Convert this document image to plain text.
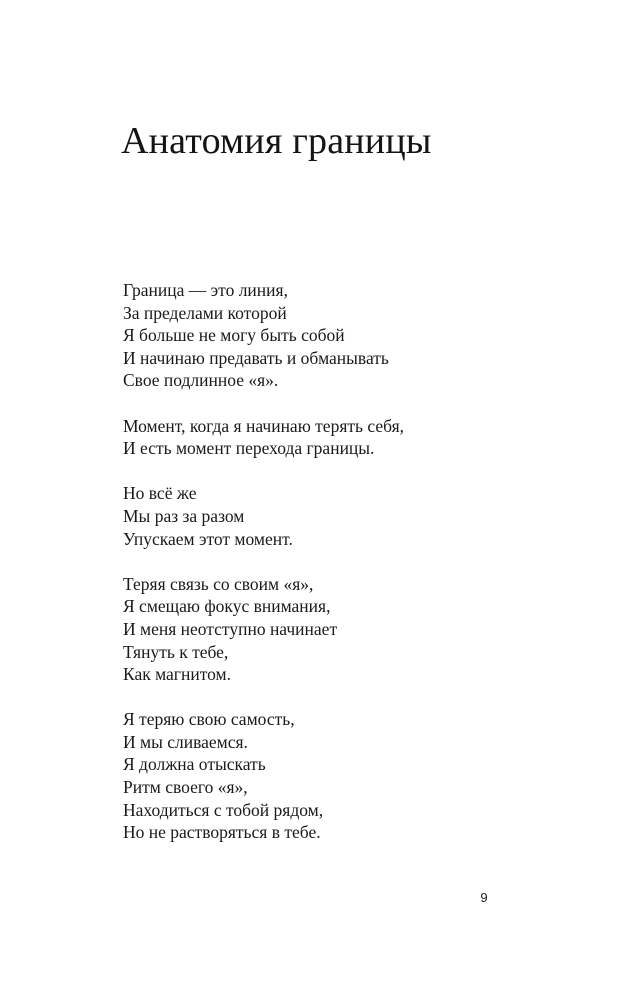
Анатомия границы
Граница — это линия,
За пределами которой
Я больше не могу быть собой
И начинаю предавать и обманывать
Свое подлинное «я».
Момент, когда я начинаю терять себя,
И есть момент перехода границы.
Но всё же
Мы раз за разом
Упускаем этот момент.
Теряя связь со своим «я»,
Я смещаю фокус внимания,
И меня неотступно начинает
Тянуть к тебе,
Как магнитом.
Я теряю свою самость,
И мы сливаемся.
Я должна отыскать
Ритм своего «я»,
Находиться с тобой рядом,
Но не растворяться в тебе.
9
